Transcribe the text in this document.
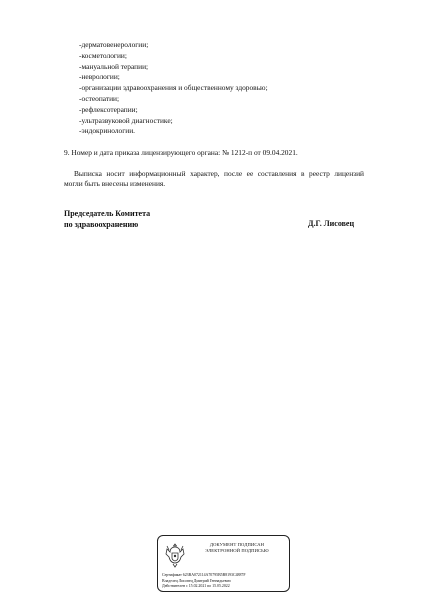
-дерматовенерологии;
-косметологии;
-мануальной терапии;
-неврологии;
-организации здравоохранения и общественному здоровью;
-остеопатии;
-рефлексотерапии;
-ультразвуковой диагностике;
-эндокринологии.
9. Номер и дата приказа лицензирующего органа: № 1212-п от 09.04.2021.
Выписка носит информационный характер, после ее составления в реестр лицензий
могли быть внесены изменения.
Председатель Комитета
по здравоохранению	Д.Г. Лисовец
ДОКУМЕНТ ПОДПИСАН
ЭЛЕКТРОННОЙ ПОДПИСЬЮ
Сертификат 623BA072114A70795B5B8193C4887F
Владелец Лисовец Дмитрий Геннадьевич
Действителен с 15.02.2021 по 15.05.2022
